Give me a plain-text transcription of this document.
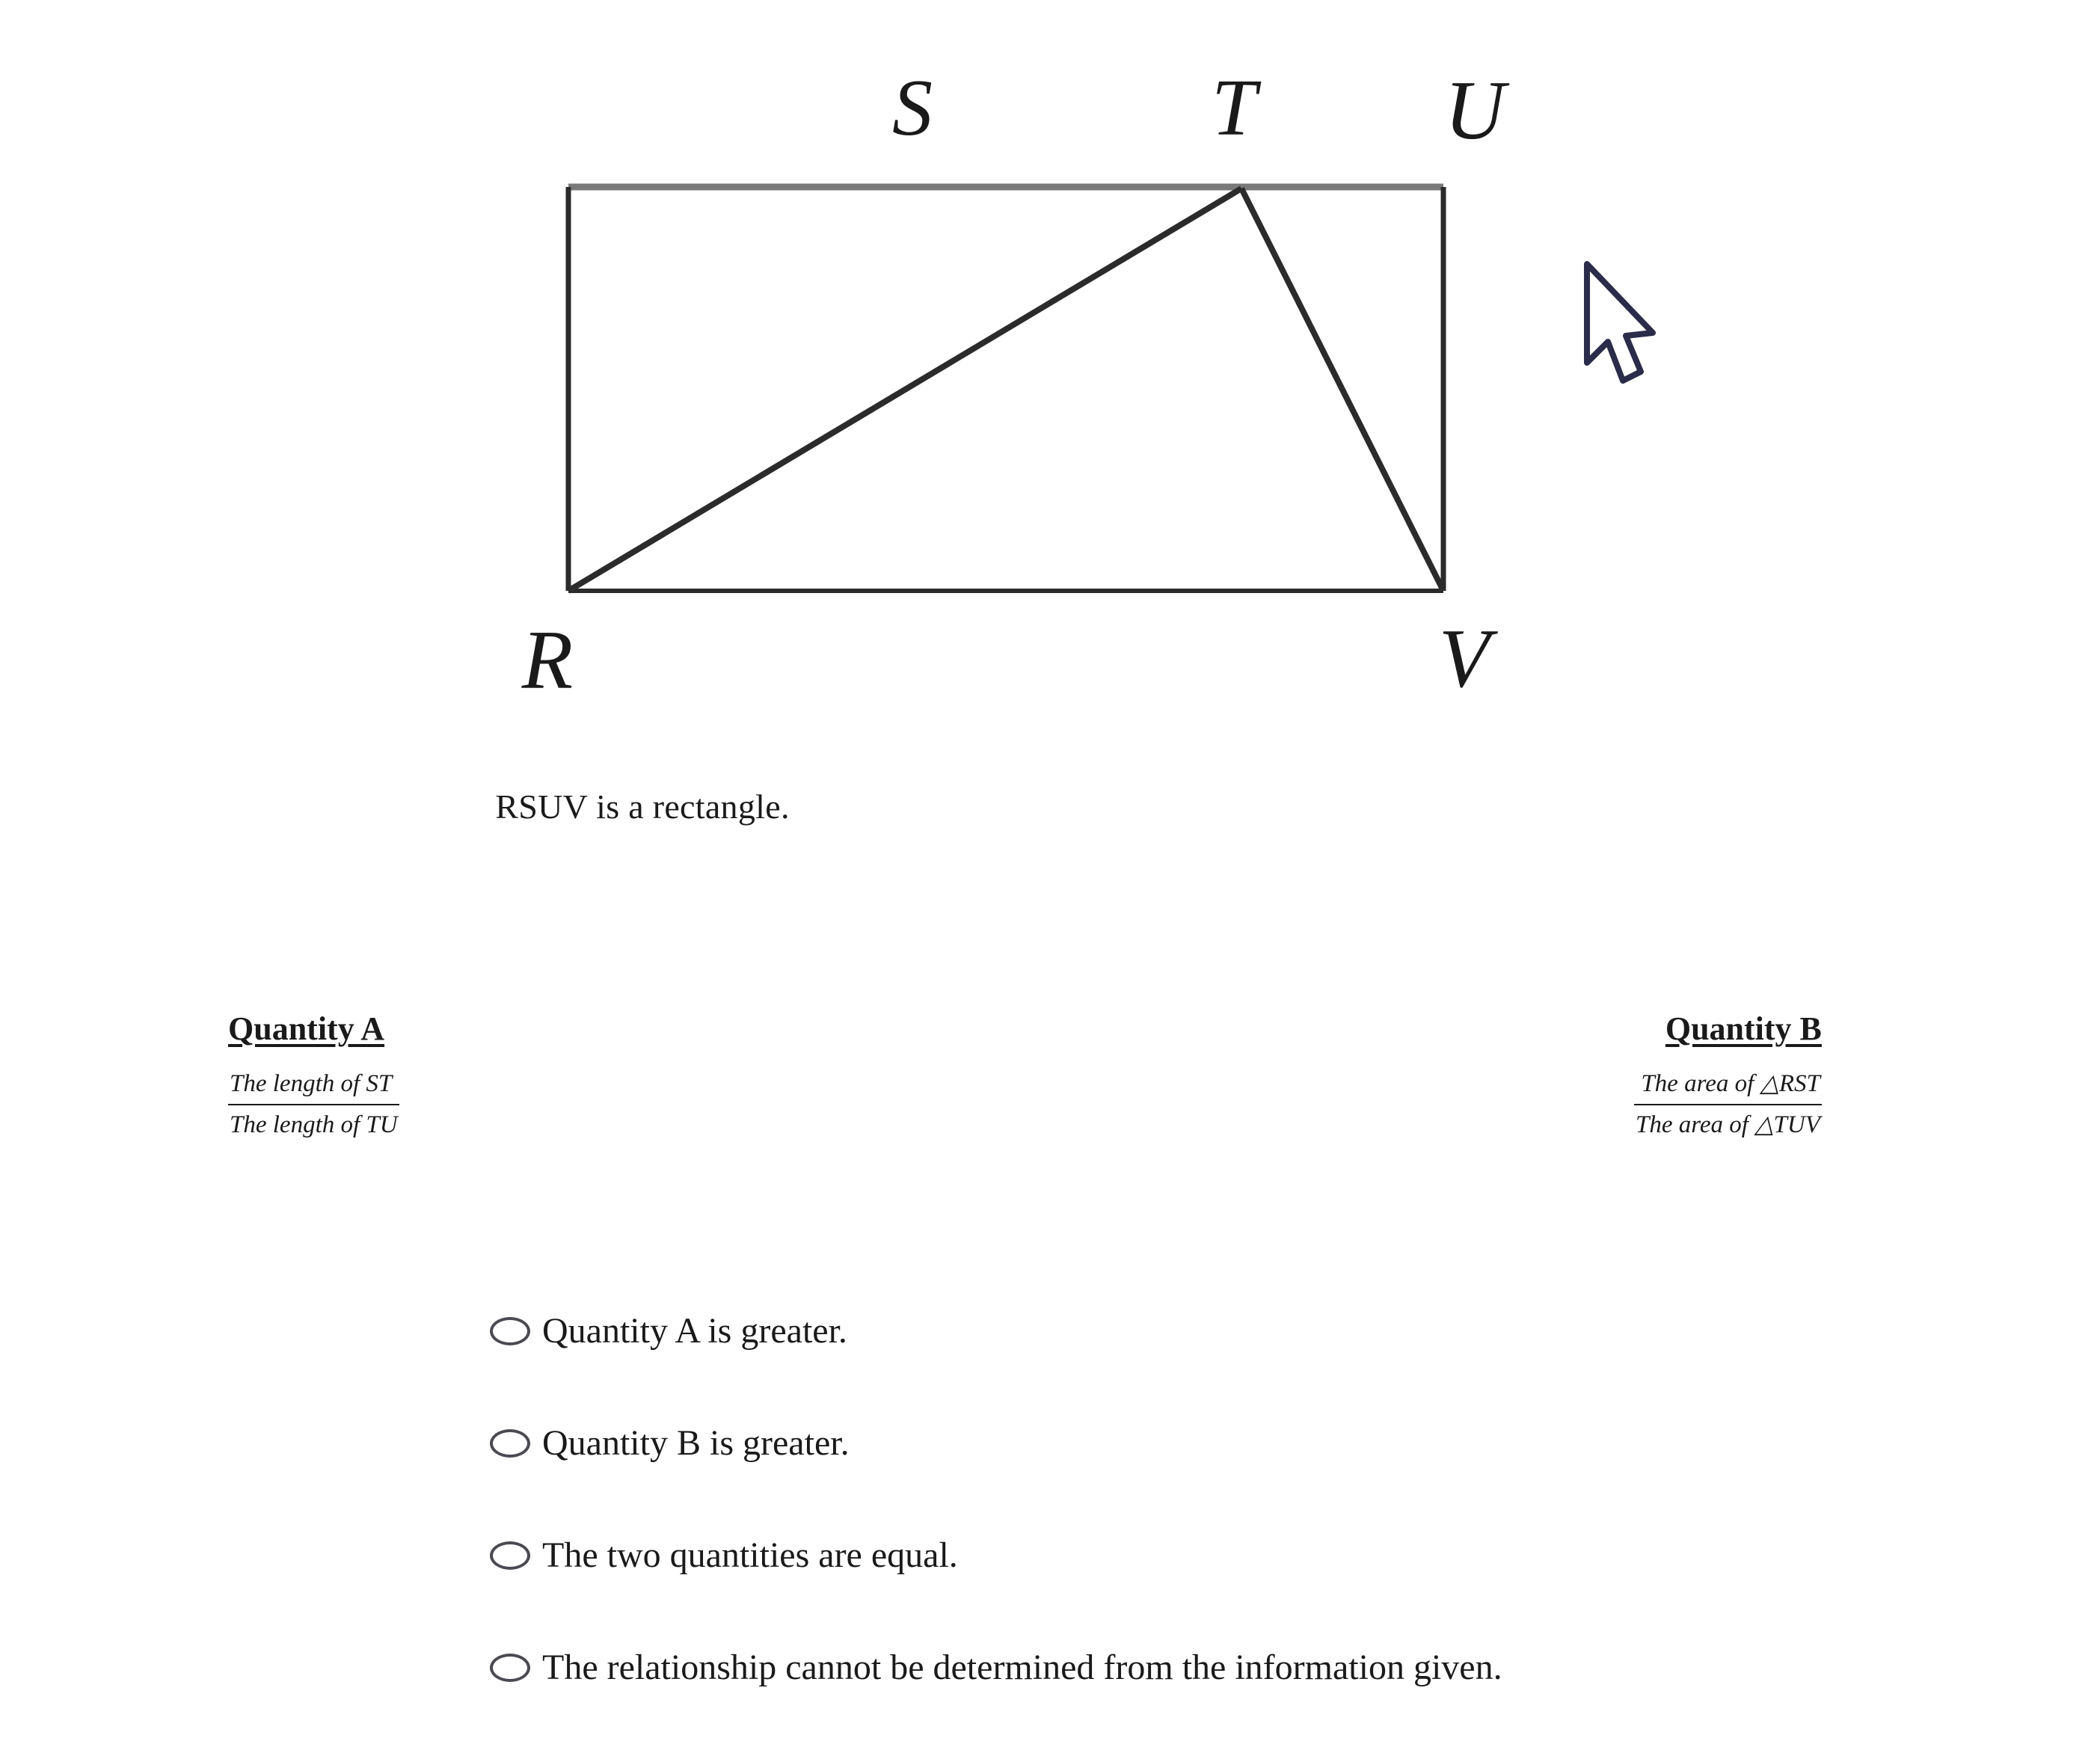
S	T U
R	V
RSUV is a rectangle.
Quantity A
$\frac{\text{The length of ST}}{\text{The length of TU}}$
Quantity B
$\frac{\text{The area of △RST}}{\text{The area of △TUV}}$
Quantity A is greater.
Quantity B is greater.
The two quantities are equal.
The relationship cannot be determined from the information given.
